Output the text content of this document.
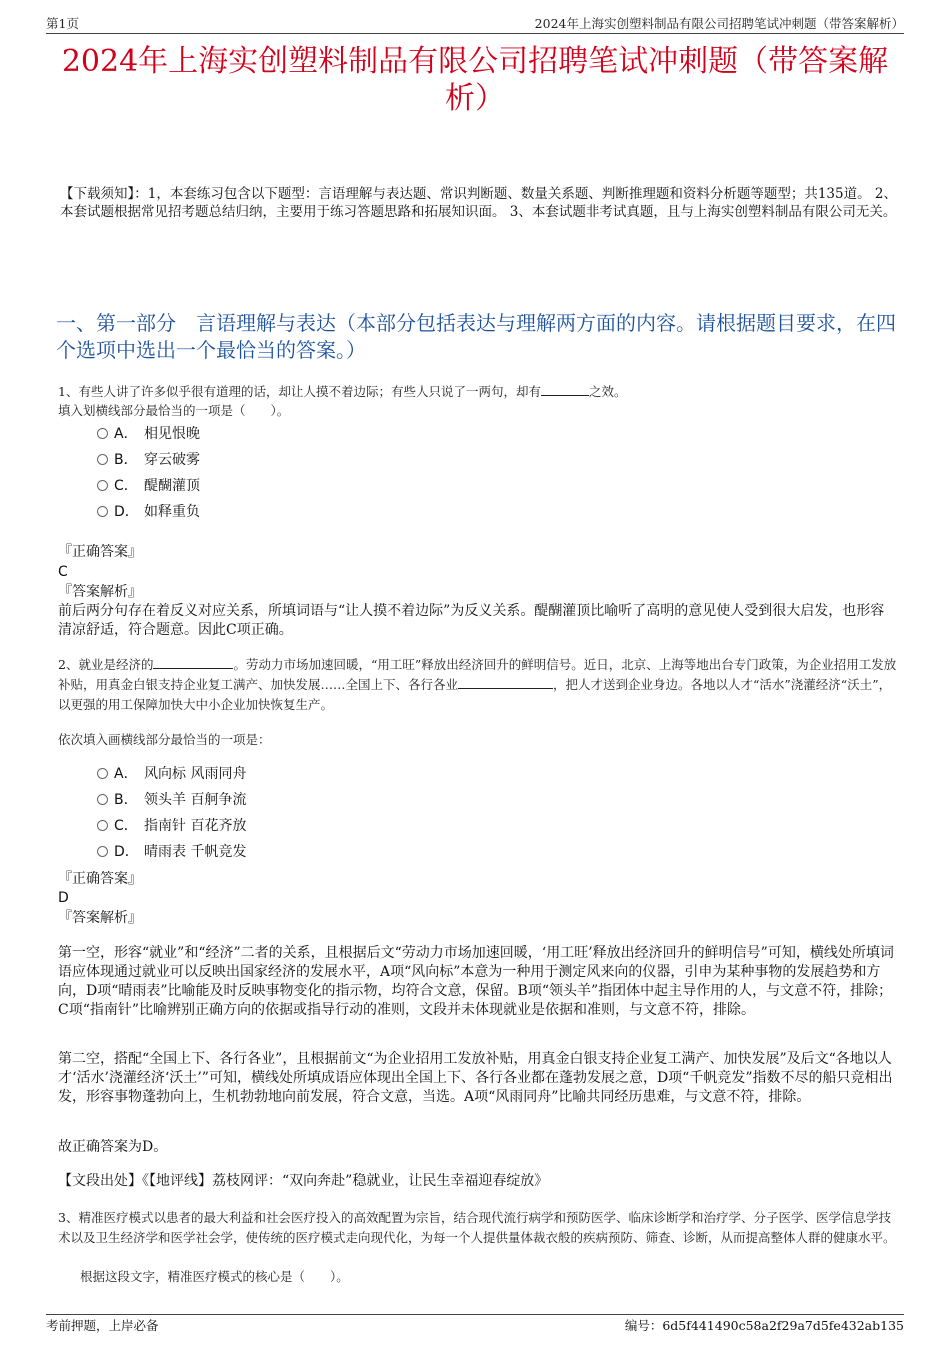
第1页	2024年上海实创塑料制品有限公司招聘笔试冲刺题（带答案解析）
2024年上海实创塑料制品有限公司招聘笔试冲刺题（带答案解析）
【下载须知】：1，本套练习包含以下题型：言语理解与表达题、常识判断题、数量关系题、判断推理题和资料分析题等题型；共135道。 2、本套试题根据常见招考题总结归纳，主要用于练习答题思路和拓展知识面。 3、本套试题非考试真题，且与上海实创塑料制品有限公司无关。
一、第一部分　言语理解与表达（本部分包括表达与理解两方面的内容。请根据题目要求，在四个选项中选出一个最恰当的答案。）
1、有些人讲了许多似乎很有道理的话，却让人摸不着边际；有些人只说了一两句，却有	之效。
填入划横线部分最恰当的一项是（　　）。
A． 相见恨晚
B． 穿云破雾
C． 醍醐灌顶
D． 如释重负
『正确答案』
C
『答案解析』
前后两分句存在着反义对应关系，所填词语与“让人摸不着边际”为反义关系。醍醐灌顶比喻听了高明的意见使人受到很大启发，也形容清凉舒适，符合题意。因此C项正确。
2、就业是经济的	。劳动力市场加速回暖，“用工旺”释放出经济回升的鲜明信号。近日，北京、上海等地出台专门政策，为企业招用工发放补贴，用真金白银支持企业复工满产、加快发展……全国上下、各行各业	，把人才送到企业身边。各地以人才“活水”浇灌经济“沃土”，以更强的用工保障加快大中小企业加快恢复生产。
依次填入画横线部分最恰当的一项是：
A． 风向标 风雨同舟
B． 领头羊 百舸争流
C． 指南针 百花齐放
D． 晴雨表 千帆竞发
『正确答案』
D
『答案解析』
第一空，形容“就业”和“经济”二者的关系，且根据后文“劳动力市场加速回暖，‘用工旺’释放出经济回升的鲜明信号”可知，横线处所填词语应体现通过就业可以反映出国家经济的发展水平，A项“风向标”本意为一种用于测定风来向的仪器，引申为某种事物的发展趋势和方向，D项“晴雨表”比喻能及时反映事物变化的指示物，均符合文意，保留。B项“领头羊”指团体中起主导作用的人，与文意不符，排除；C项“指南针”比喻辨别正确方向的依据或指导行动的准则，文段并未体现就业是依据和准则，与文意不符，排除。
第二空，搭配“全国上下、各行各业”，且根据前文“为企业招用工发放补贴，用真金白银支持企业复工满产、加快发展”及后文“各地以人才‘活水’浇灌经济‘沃土’”可知，横线处所填成语应体现出全国上下、各行各业都在蓬勃发展之意，D项“千帆竞发”指数不尽的船只竞相出发，形容事物蓬勃向上，生机勃勃地向前发展，符合文意，当选。A项“风雨同舟”比喻共同经历患难，与文意不符，排除。
故正确答案为D。
【文段出处】《【地评线】荔枝网评：“双向奔赴”稳就业，让民生幸福迎春绽放》
3、精准医疗模式以患者的最大利益和社会医疗投入的高效配置为宗旨，结合现代流行病学和预防医学、临床诊断学和治疗学、分子医学、医学信息学技术以及卫生经济学和医学社会学，使传统的医疗模式走向现代化，为每一个人提供量体裁衣般的疾病预防、筛查、诊断，从而提高整体人群的健康水平。
根据这段文字，精准医疗模式的核心是（　　）。
考前押题，上岸必备	编号：6d5f441490c58a2f29a7d5fe432ab135
